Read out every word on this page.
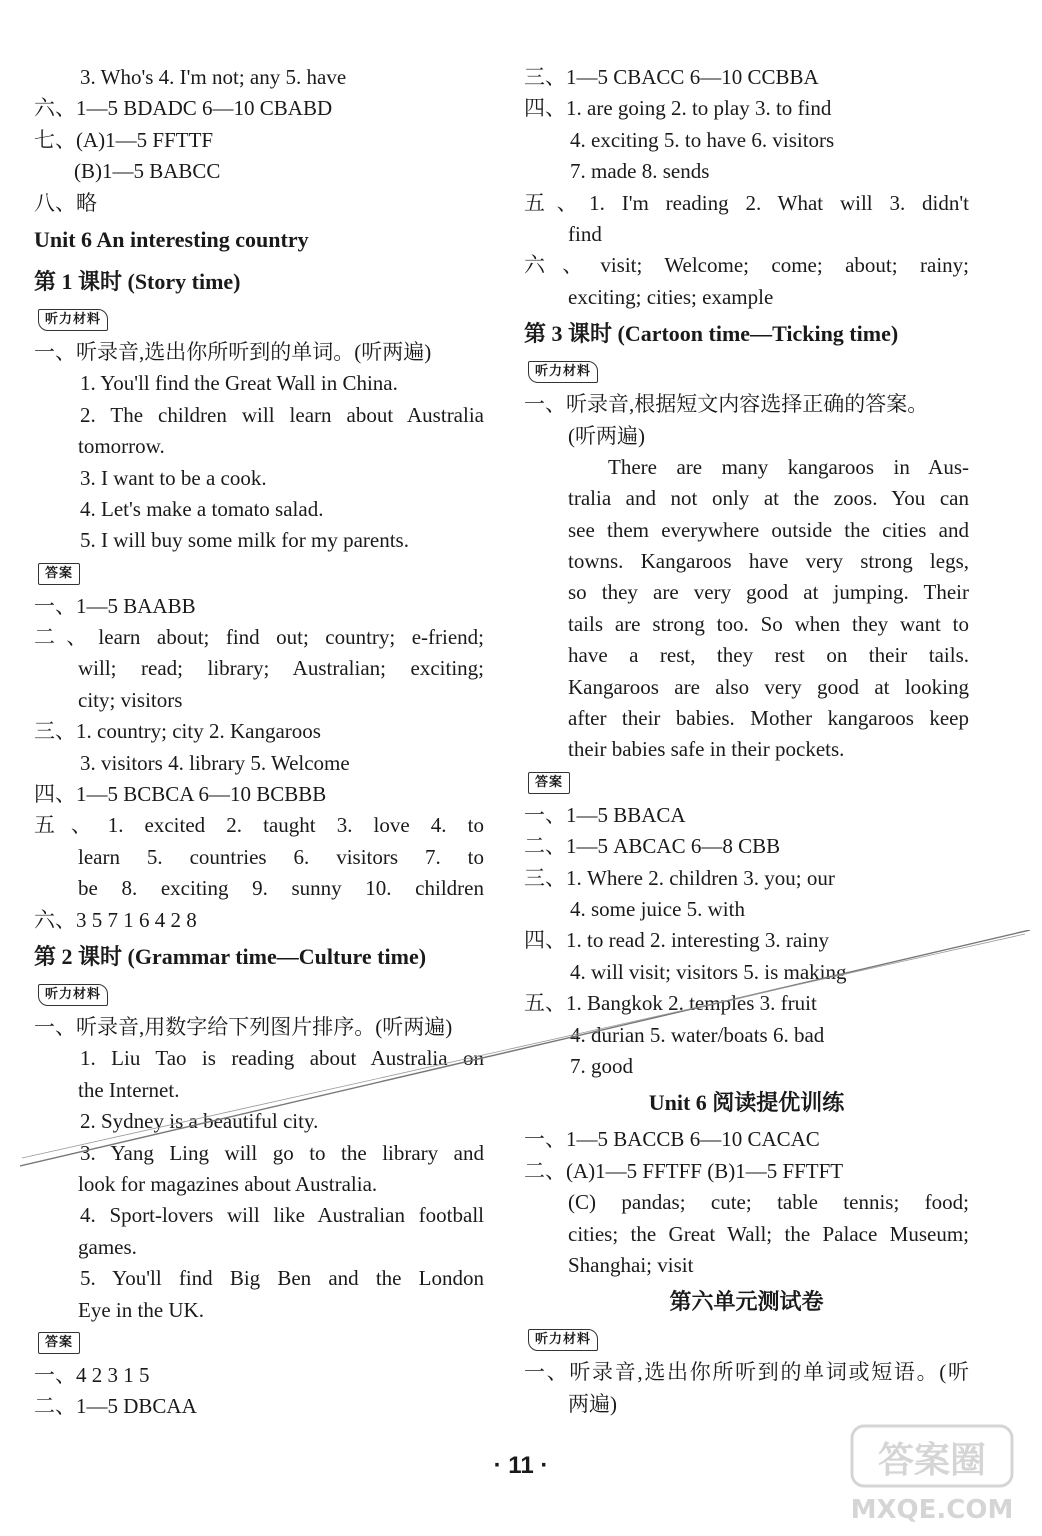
3. Who's 4. I'm not; any 5. have
六、1—5 BDADC 6—10 CBABD
七、(A)1—5 FFTTF
(B)1—5 BABCC
八、略
Unit 6 An interesting country
第 1 课时 (Story time)
听力材料
一、听录音,选出你所听到的单词。(听两遍)
1. You'll find the Great Wall in China.
2. The children will learn about Australia
tomorrow.
3. I want to be a cook.
4. Let's make a tomato salad.
5. I will buy some milk for my parents.
答案
一、1—5 BAABB
二、learn about; find out; country; e-friend;
will; read; library; Australian; exciting;
city; visitors
三、1. country; city 2. Kangaroos
3. visitors 4. library 5. Welcome
四、1—5 BCBCA 6—10 BCBBB
五、1. excited 2. taught 3. love 4. to
learn 5. countries 6. visitors 7. to
be 8. exciting 9. sunny 10. children
六、3 5 7 1 6 4 2 8
第 2 课时 (Grammar time—Culture time)
听力材料
一、听录音,用数字给下列图片排序。(听两遍)
1. Liu Tao is reading about Australia on
the Internet.
2. Sydney is a beautiful city.
3. Yang Ling will go to the library and
look for magazines about Australia.
4. Sport-lovers will like Australian football
games.
5. You'll find Big Ben and the London
Eye in the UK.
答案
一、4 2 3 1 5
二、1—5 DBCAA
三、1—5 CBACC 6—10 CCBBA
四、1. are going 2. to play 3. to find
4. exciting 5. to have 6. visitors
7. made 8. sends
五、1. I'm reading 2. What will 3. didn't
find
六、visit; Welcome; come; about; rainy;
exciting; cities; example
第 3 课时 (Cartoon time—Ticking time)
听力材料
一、听录音,根据短文内容选择正确的答案。
(听两遍)
There are many kangaroos in Aus-
tralia and not only at the zoos. You can
see them everywhere outside the cities and
towns. Kangaroos have very strong legs,
so they are very good at jumping. Their
tails are strong too. So when they want to
have a rest, they rest on their tails.
Kangaroos are also very good at looking
after their babies. Mother kangaroos keep
their babies safe in their pockets.
答案
一、1—5 BBACA
二、1—5 ABCAC 6—8 CBB
三、1. Where 2. children 3. you; our
4. some juice 5. with
四、1. to read 2. interesting 3. rainy
4. will visit; visitors 5. is making
五、1. Bangkok 2. temples 3. fruit
4. durian 5. water/boats 6. bad
7. good
Unit 6 阅读提优训练
一、1—5 BACCB 6—10 CACAC
二、(A)1—5 FFTFF (B)1—5 FFTFT
(C) pandas; cute; table tennis; food;
cities; the Great Wall; the Palace Museum;
Shanghai; visit
第六单元测试卷
听力材料
一、听录音,选出你所听到的单词或短语。(听
两遍)
· 11 ·	答案圈
MXQE.COM
